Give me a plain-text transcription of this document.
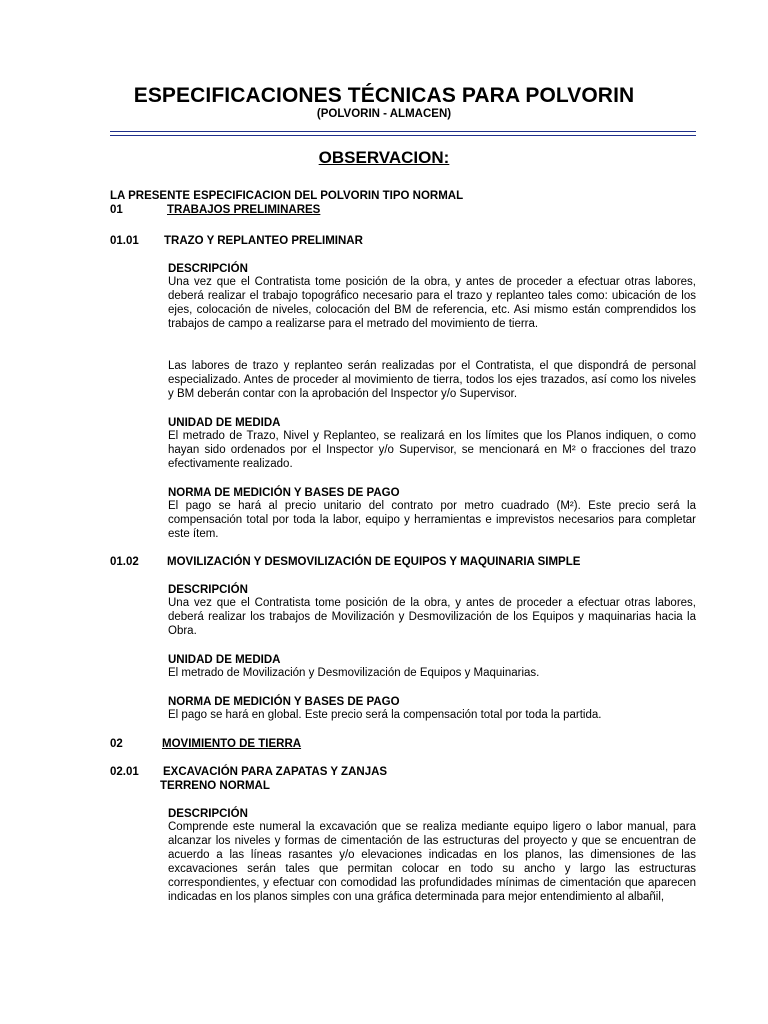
ESPECIFICACIONES TÉCNICAS PARA POLVORIN
(POLVORIN - ALMACEN)
OBSERVACION:
LA PRESENTE ESPECIFICACION DEL POLVORIN TIPO NORMAL
01	TRABAJOS PRELIMINARES
01.01 TRAZO Y REPLANTEO PRELIMINAR
DESCRIPCIÓN
Una vez que el Contratista tome posición de la obra, y antes de proceder a efectuar otras labores, deberá realizar el trabajo topográfico necesario para el trazo y replanteo tales como: ubicación de los ejes, colocación de niveles, colocación del BM de referencia, etc. Asi mismo están comprendidos los trabajos de campo a realizarse para el metrado del movimiento de tierra.
Las labores de trazo y replanteo serán realizadas por el Contratista, el que dispondrá de personal especializado. Antes de proceder al movimiento de tierra, todos los ejes trazados, así como los niveles y BM deberán contar con la aprobación del Inspector y/o Supervisor.
UNIDAD DE MEDIDA
El metrado de Trazo, Nivel y Replanteo, se realizará en los límites que los Planos indiquen, o como hayan sido ordenados por el Inspector y/o Supervisor, se mencionará en M² o fracciones del trazo efectivamente realizado.
NORMA DE MEDICIÓN Y BASES DE PAGO
El pago se hará al precio unitario del contrato por metro cuadrado (M²). Este precio será la compensación total por toda la labor, equipo y herramientas e imprevistos necesarios para completar este ítem.
01.02 MOVILIZACIÓN Y DESMOVILIZACIÓN DE EQUIPOS Y MAQUINARIA SIMPLE
DESCRIPCIÓN
Una vez que el Contratista tome posición de la obra, y antes de proceder a efectuar otras labores, deberá realizar los trabajos de Movilización y Desmovilización de los Equipos y maquinarias hacia la Obra.
UNIDAD DE MEDIDA
El metrado de Movilización y Desmovilización de Equipos y Maquinarias.
NORMA DE MEDICIÓN Y BASES DE PAGO
El pago se hará en global. Este precio será la compensación total por toda la partida.
02	MOVIMIENTO DE TIERRA
02.01 EXCAVACIÓN PARA ZAPATAS Y ZANJAS
TERRENO NORMAL
DESCRIPCIÓN
Comprende este numeral la excavación que se realiza mediante equipo ligero o labor manual, para alcanzar los niveles y formas de cimentación de las estructuras del proyecto y que se encuentran de acuerdo a las líneas rasantes y/o elevaciones indicadas en los planos, las dimensiones de las excavaciones serán tales que permitan colocar en todo su ancho y largo las estructuras correspondientes, y efectuar con comodidad las profundidades mínimas de cimentación que aparecen indicadas en los planos simples con una gráfica determinada para mejor entendimiento al albañil,
